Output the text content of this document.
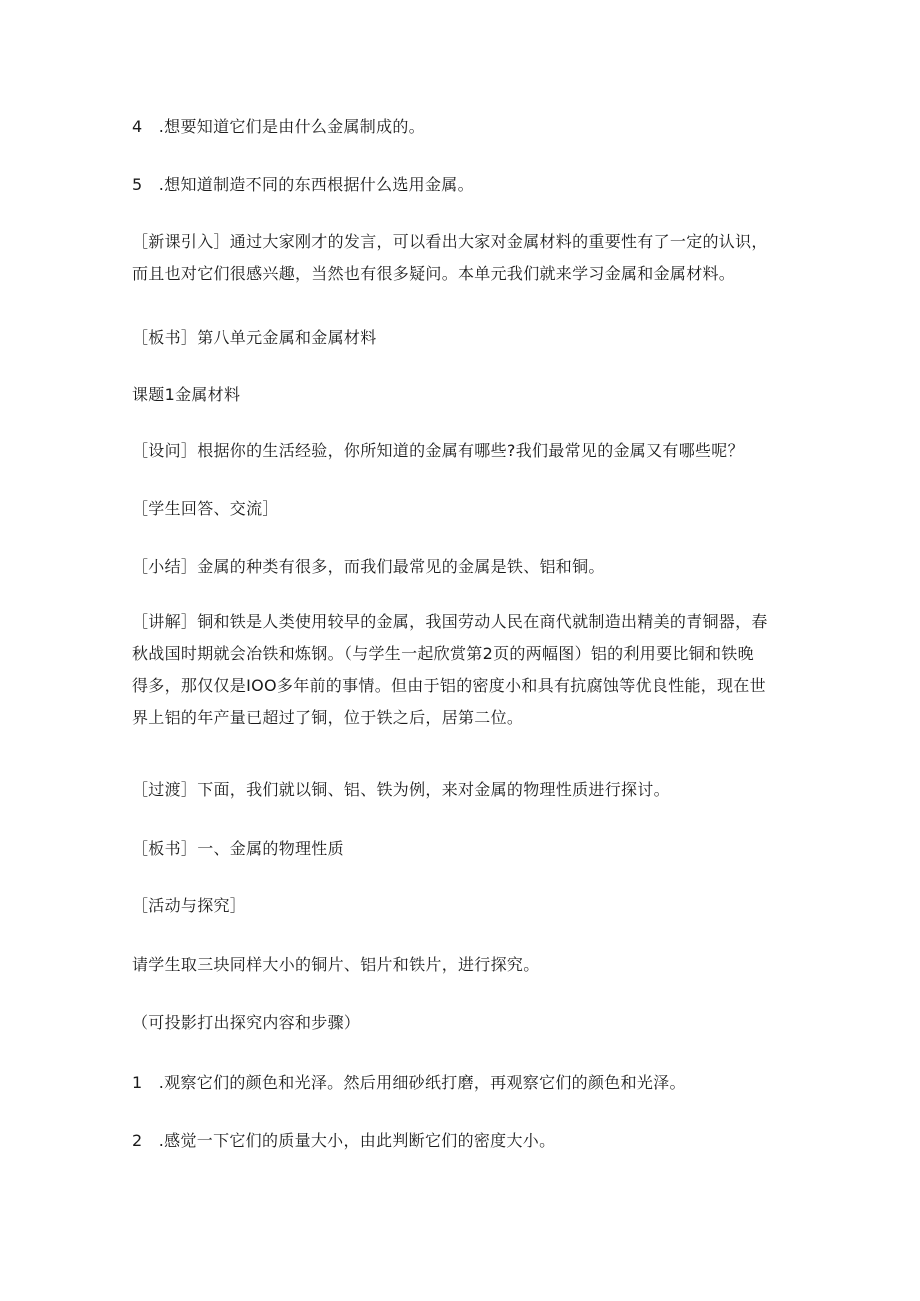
4　.想要知道它们是由什么金属制成的。
5　.想知道制造不同的东西根据什么选用金属。
［新课引入］通过大家刚才的发言，可以看出大家对金属材料的重要性有了一定的认识，
而且也对它们很感兴趣，当然也有很多疑问。本单元我们就来学习金属和金属材料。
［板书］第八单元金属和金属材料
课题1金属材料
［设问］根据你的生活经验，你所知道的金属有哪些?我们最常见的金属又有哪些呢？
［学生回答、交流］
［小结］金属的种类有很多，而我们最常见的金属是铁、铝和铜。
［讲解］铜和铁是人类使用较早的金属，我国劳动人民在商代就制造出精美的青铜器，春
秋战国时期就会冶铁和炼钢。（与学生一起欣赏第2页的两幅图）铝的利用要比铜和铁晚
得多，那仅仅是IOO多年前的事情。但由于铝的密度小和具有抗腐蚀等优良性能，现在世
界上铝的年产量已超过了铜，位于铁之后，居第二位。
［过渡］下面，我们就以铜、铝、铁为例，来对金属的物理性质进行探讨。
［板书］一、金属的物理性质
［活动与探究］
请学生取三块同样大小的铜片、铝片和铁片，进行探究。
（可投影打出探究内容和步骤）
1　.观察它们的颜色和光泽。然后用细砂纸打磨，再观察它们的颜色和光泽。
2　.感觉一下它们的质量大小，由此判断它们的密度大小。
